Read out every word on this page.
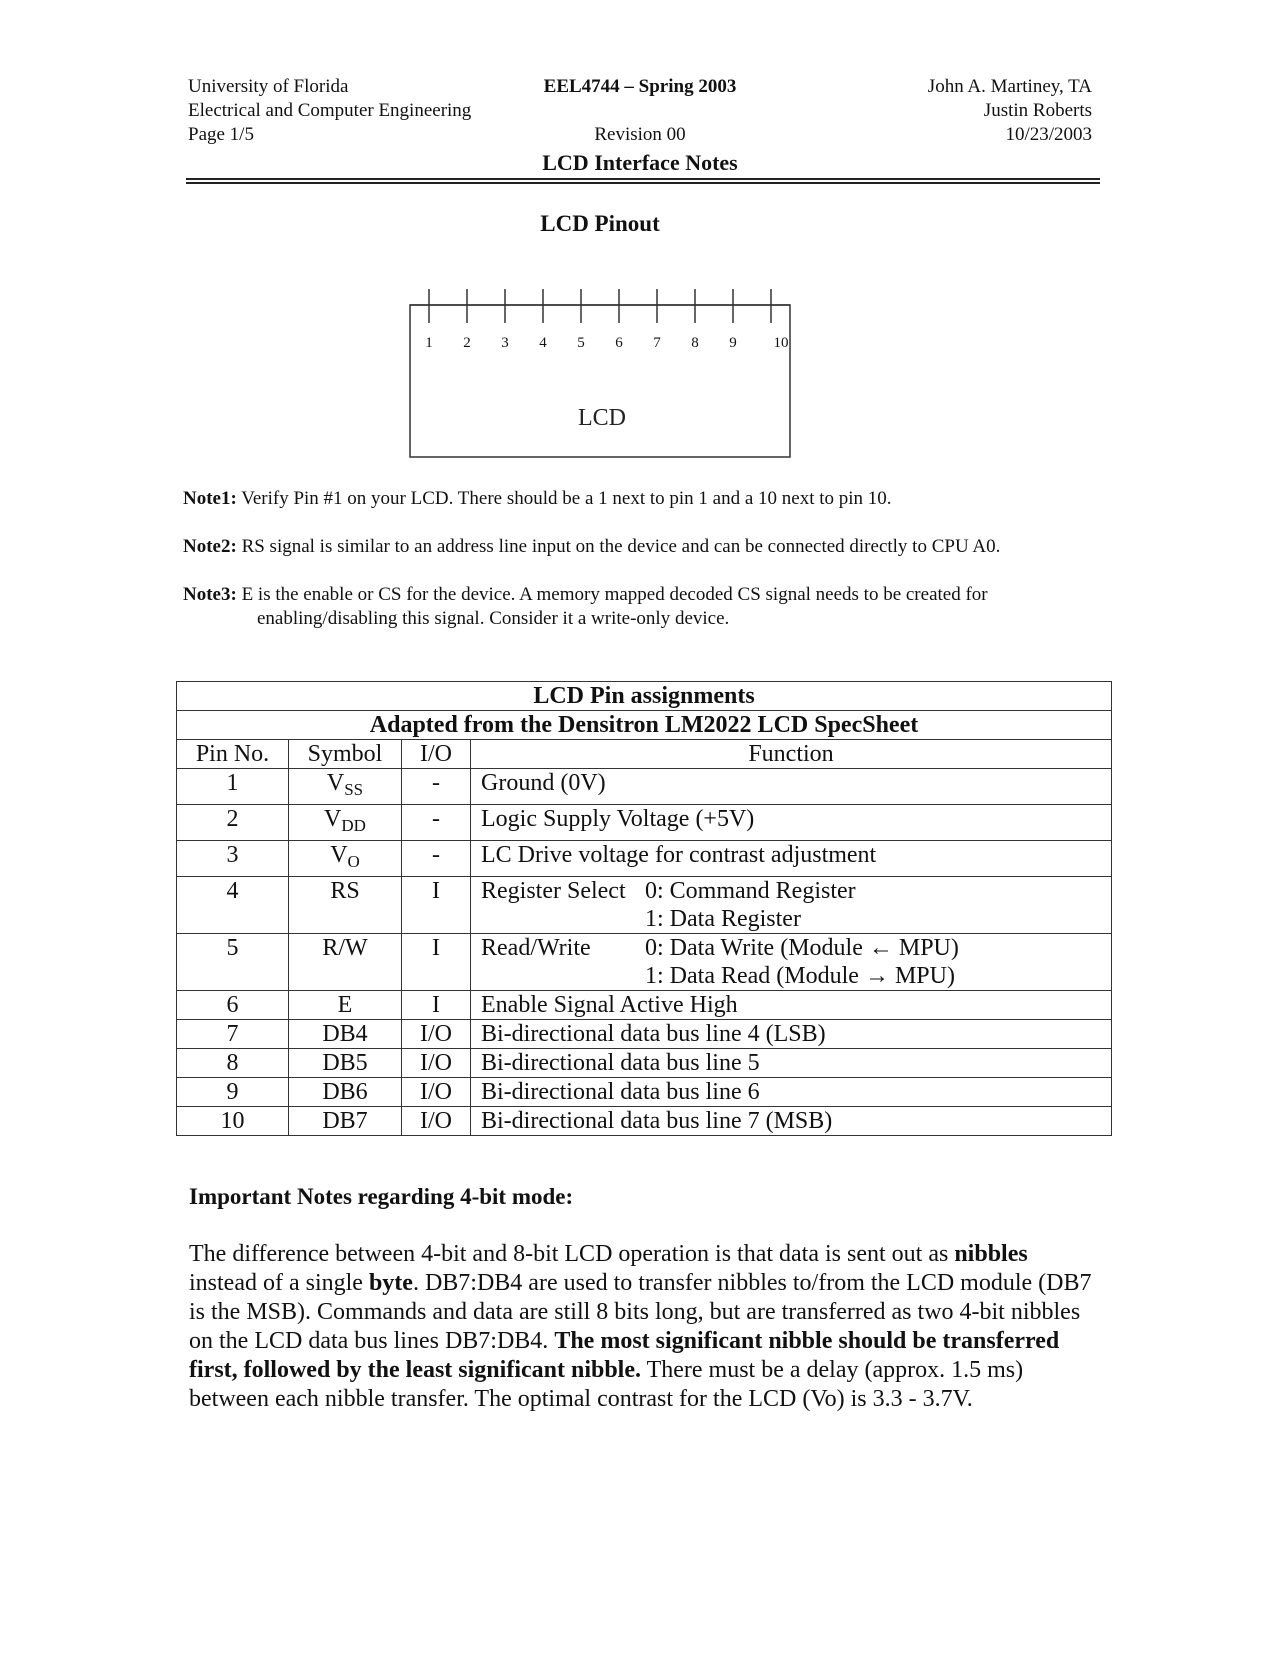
University of Florida
Electrical and Computer Engineering
Page 1/5
EEL4744 – Spring 2003
Revision 00
LCD Interface Notes
John A. Martiney, TA
Justin Roberts
10/23/2003
LCD Pinout
1 2 3 4 5 6 7 8 9 10
LCD
Note1: Verify Pin #1 on your LCD. There should be a 1 next to pin 1 and a 10 next to pin 10.
Note2: RS signal is similar to an address line input on the device and can be connected directly to CPU A0.
Note3: E is the enable or CS for the device. A memory mapped decoded CS signal needs to be created for
enabling/disabling this signal. Consider it a write-only device.
LCD Pin assignments			
Adapted from the Densitron LM2022 LCD SpecSheet			
Pin No.	Symbol	I/O	Function
1	$V_{SS}$	-	Ground (0V)
2	$V_{DD}$	-	Logic Supply Voltage (+5V)
3	$V_O$	-	LC Drive voltage for contrast adjustment
4	RS	I	Register Select 0: Command Register
1: Data Register

5	R/W	I	Read/Write 0: Data Write (Module ← MPU)
1: Data Read (Module → MPU)

6	E	I	Enable Signal Active High
7	DB4	I/O	Bi-directional data bus line 4 (LSB)
8	DB5	I/O	Bi-directional data bus line 5
9	DB6	I/O	Bi-directional data bus line 6
10	DB7	I/O	Bi-directional data bus line 7 (MSB)
Important Notes regarding 4-bit mode:
The difference between 4-bit and 8-bit LCD operation is that data is sent out as nibbles instead of a single byte. DB7:DB4 are used to transfer nibbles to/from the LCD module (DB7 is the MSB). Commands and data are still 8 bits long, but are transferred as two 4-bit nibbles on the LCD data bus lines DB7:DB4. The most significant nibble should be transferred first, followed by the least significant nibble. There must be a delay (approx. 1.5 ms) between each nibble transfer. The optimal contrast for the LCD (Vo) is 3.3 - 3.7V.
